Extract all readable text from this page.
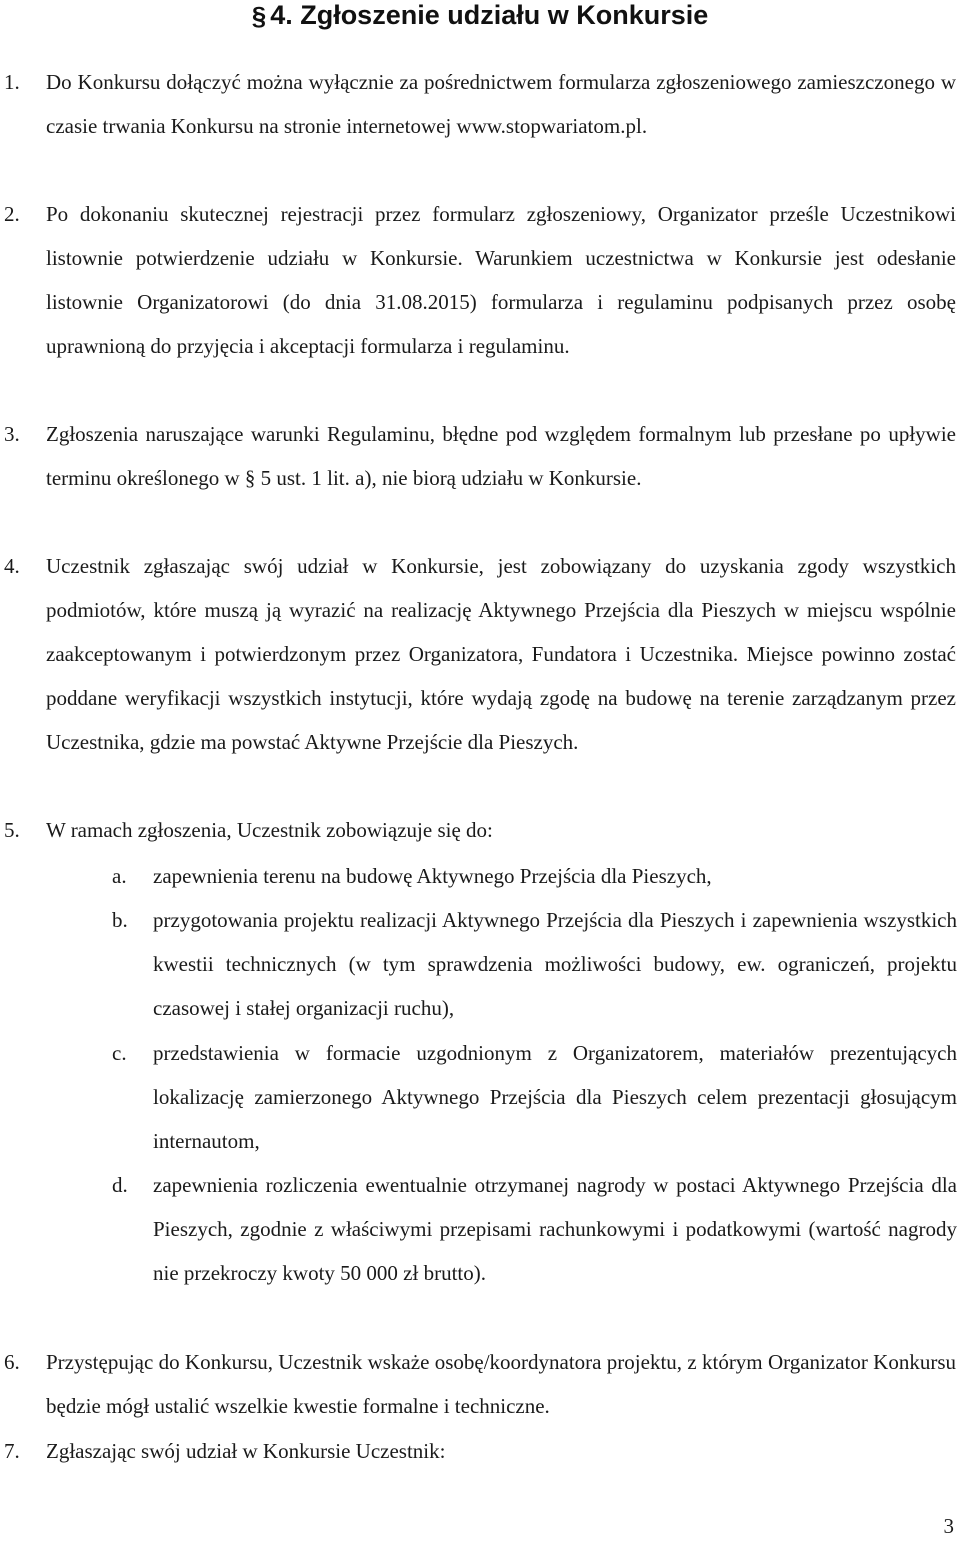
§ 4. Zgłoszenie udziału w Konkursie
1. Do Konkursu dołączyć można wyłącznie za pośrednictwem formularza zgłoszeniowego zamieszczonego w czasie trwania Konkursu na stronie internetowej www.stopwariatom.pl.
2. Po dokonaniu skutecznej rejestracji przez formularz zgłoszeniowy, Organizator prześle Uczestnikowi listownie potwierdzenie udziału w Konkursie. Warunkiem uczestnictwa w Konkursie jest odesłanie listownie Organizatorowi (do dnia 31.08.2015) formularza i regulaminu podpisanych przez osobę uprawnioną do przyjęcia i akceptacji formularza i regulaminu.
3. Zgłoszenia naruszające warunki Regulaminu, błędne pod względem formalnym lub przesłane po upływie terminu określonego w § 5 ust. 1 lit. a), nie biorą udziału w Konkursie.
4. Uczestnik zgłaszając swój udział w Konkursie, jest zobowiązany do uzyskania zgody wszystkich podmiotów, które muszą ją wyrazić na realizację Aktywnego Przejścia dla Pieszych w miejscu wspólnie zaakceptowanym i potwierdzonym przez Organizatora, Fundatora i Uczestnika. Miejsce powinno zostać poddane weryfikacji wszystkich instytucji, które wydają zgodę na budowę na terenie zarządzanym przez Uczestnika, gdzie ma powstać Aktywne Przejście dla Pieszych.
5. W ramach zgłoszenia, Uczestnik zobowiązuje się do:
a. zapewnienia terenu na budowę Aktywnego Przejścia dla Pieszych,
b. przygotowania projektu realizacji Aktywnego Przejścia dla Pieszych i zapewnienia wszystkich kwestii technicznych (w tym sprawdzenia możliwości budowy, ew. ograniczeń, projektu czasowej i stałej organizacji ruchu),
c. przedstawienia w formacie uzgodnionym z Organizatorem, materiałów prezentujących lokalizację zamierzonego Aktywnego Przejścia dla Pieszych celem prezentacji głosującym internautom,
d. zapewnienia rozliczenia ewentualnie otrzymanej nagrody w postaci Aktywnego Przejścia dla Pieszych, zgodnie z właściwymi przepisami rachunkowymi i podatkowymi (wartość nagrody nie przekroczy kwoty 50 000 zł brutto).
6. Przystępując do Konkursu, Uczestnik wskaże osobę/koordynatora projektu, z którym Organizator Konkursu będzie mógł ustalić wszelkie kwestie formalne i techniczne.
7. Zgłaszając swój udział w Konkursie Uczestnik:
3
